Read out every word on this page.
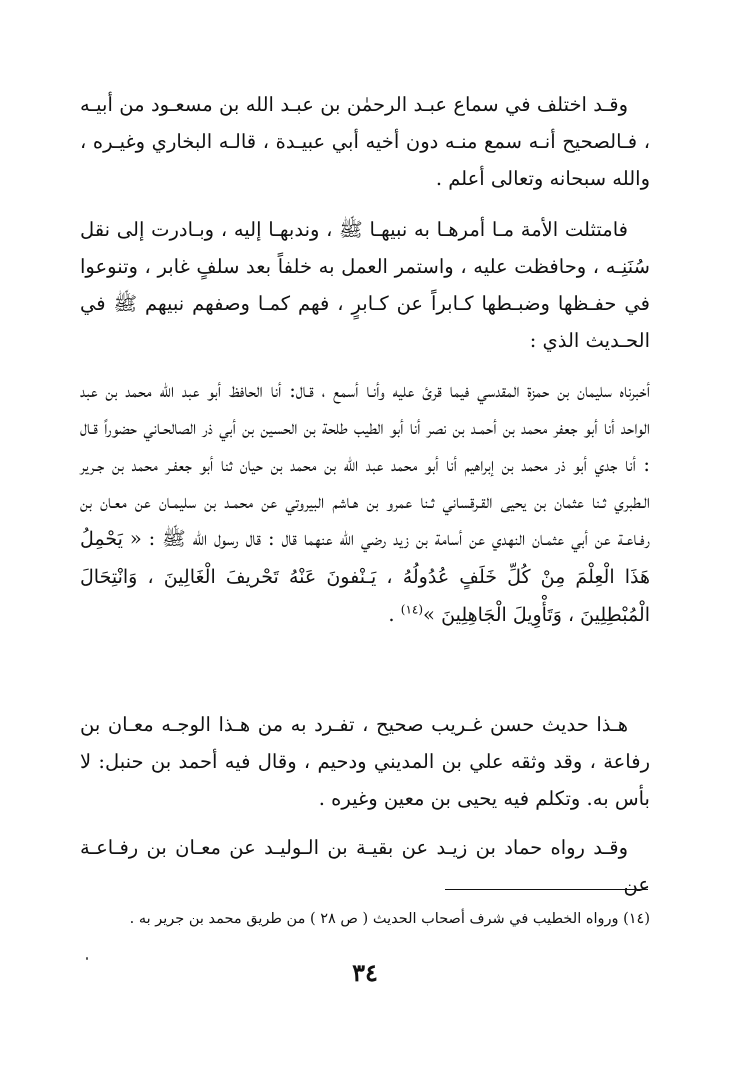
وقـد اختلف في سماع عبـد الرحمٰن بن عبـد الله بن مسعـود من أبيـه ، فـالصحيح أنـه سمع منـه دون أخيه أبي عبيـدة ، قالـه البخاري وغيـره ، والله سبحانه وتعالى أعلم .

فامتثلت الأمة مـا أمرهـا به نبيهـا ﷺ ، وندبهـا إليه ، وبـادرت إلى نقل سُنَنِـه ، وحافظت عليه ، واستمر العمل به خلفاً بعد سلفٍ غابر ، وتنوعوا في حفـظها وضبـطها كـابراً عن كـابرٍ ، فهم كمـا وصفهم نبيهم ﷺ في الحـديث الذي :

أخبرناه سليمان بن حمزة المقدسي فيما قرئ عليه وأنـا أسمع ، قـال: أنا الحافظ أبو عبد الله محمد بن عبد الواحد أنا أبو جعفر محمد بن أحمـد بن نصر أنا أبو الطيب طلحة بن الحسين بن أبي ذر الصالحـاني حضوراً قـال : أنا جدي أبو ذر محمد بن إبراهيم أنا أبو محمد عبد الله بن محمد بن حيان ثنا أبو جعفـر محمد بن جـرير الـطبري ثـنا عثمان بن يحيى القـرقساني ثـنا عمرو بن هـاشم البيروتي عن محمـد بن سليمـان عن معـان بن رفـاعـة عن أبي عثمـان النهدي عن أسامة بن زيد رضي الله عنهما قال : قال رسول الله ﷺ : « يَحْمِلُ هَذَا الْعِلْمَ مِنْ كُلِّ خَلَفٍ عُدُولُهُ ، يَـنْفونَ عَنْهُ تَحْريفَ الْغَالِينَ ، وَانْتِحَالَ الْمُبْطِلِينَ ، وَتَأْوِيلَ الْجَاهِلِينَ »$^{(١٤)}$ .

هـذا حديث حسن غـريب صحيح ، تفـرد به من هـذا الوجـه معـان بن رفاعة ، وقد وثقه علي بن المديني ودحيم ، وقال فيه أحمد بن حنبل: لا بأس به. وتكلم فيه يحيى بن معين وغيره .

وقـد رواه حماد بن زيـد عن بقيـة بن الـوليـد عن معـان بن رفـاعـة عن

(١٤) ورواه الخطيب في شرف أصحاب الحديث ( ص ٢٨ ) من طريق محمد بن جرير به .

٣٤
